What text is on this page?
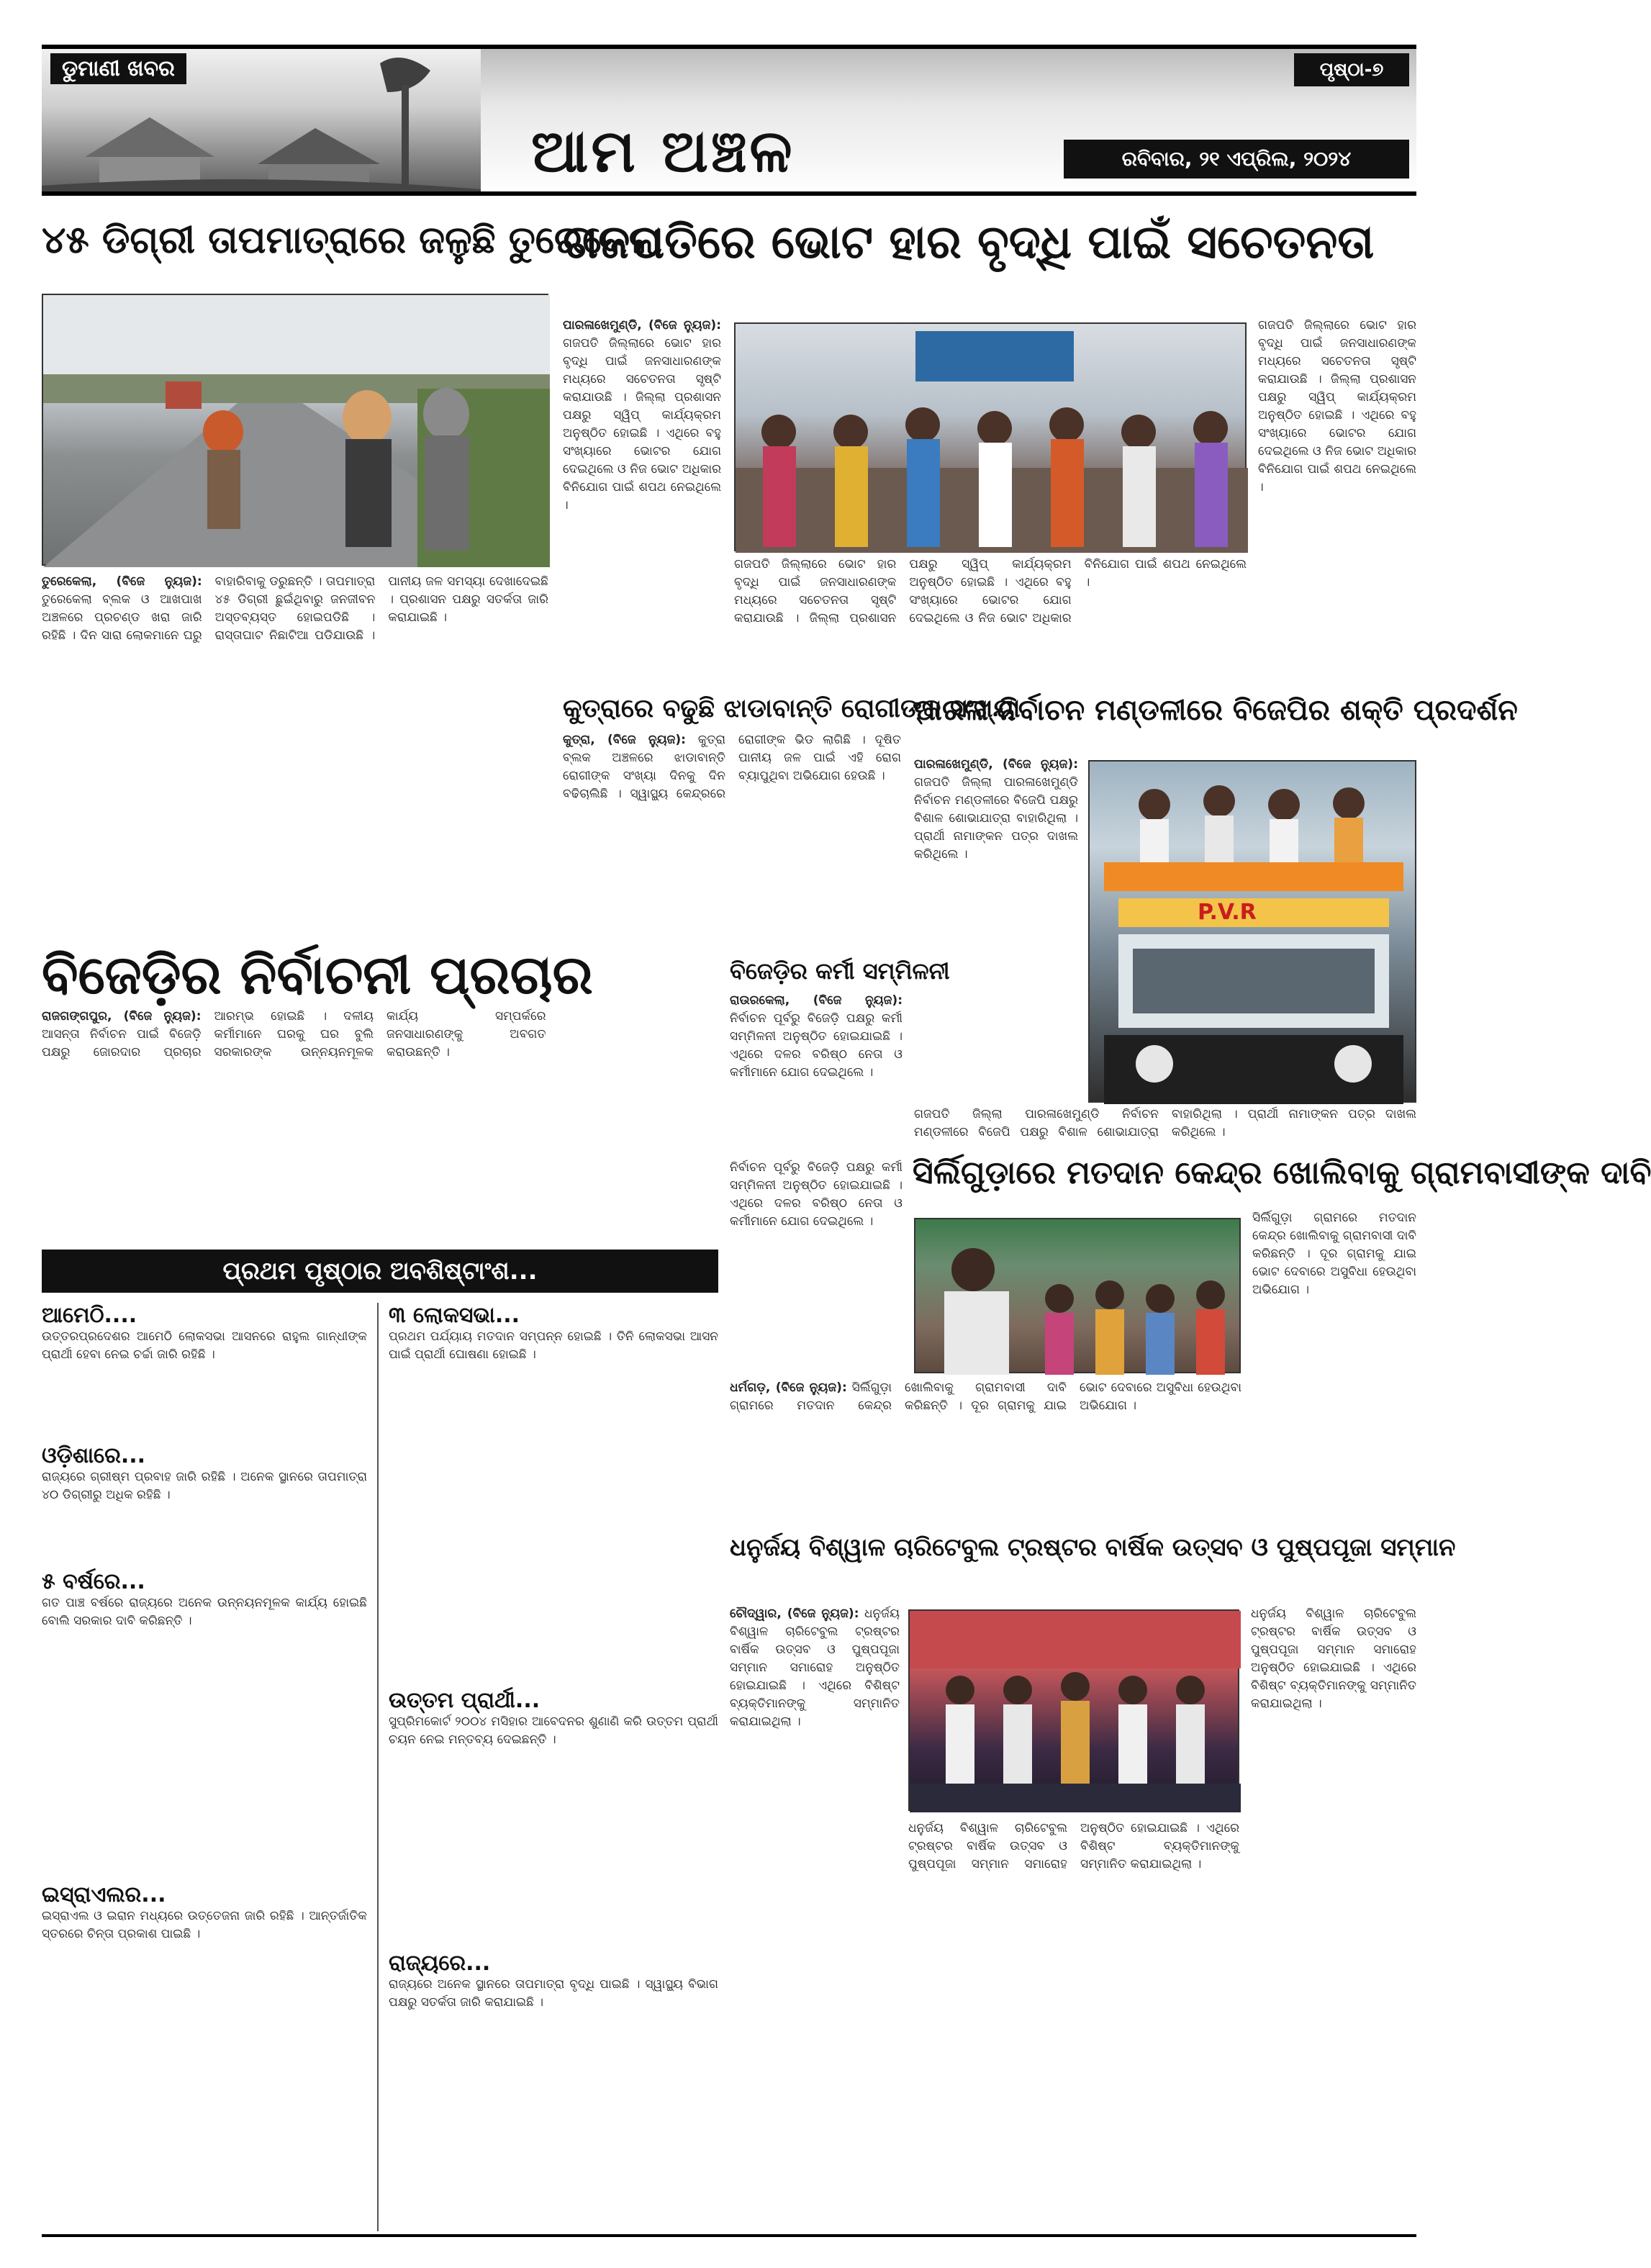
ଡୁମାଣୀ ଖବର
ଆମ ଅଞ୍ଚଳ
ପୃଷ୍ଠା-୭
ରବିବାର, ୨୧ ଏପ୍ରିଲ, ୨୦୨୪
୪୫ ଡିଗ୍ରୀ ତାପମାତ୍ରାରେ ଜଳୁଛି ତୁରେକେଲା

ତୁରେକେଲା, (ବିଜେ ନ୍ୟୁଜ): ତୁରେକେଲା ବ୍ଲକ ଓ ଆଖପାଖ ଅଞ୍ଚଳରେ ପ୍ରଚଣ୍ଡ ଖରା ଜାରି ରହିଛି । ଦିନ ସାରା ଲୋକମାନେ ଘରୁ ବାହାରିବାକୁ ଡରୁଛନ୍ତି । ତାପମାତ୍ରା ୪୫ ଡିଗ୍ରୀ ଛୁଇଁଥିବାରୁ ଜନଜୀବନ ଅସ୍ତବ୍ୟସ୍ତ ହୋଇପଡିଛି । ରାସ୍ତାଘାଟ ନିଛାଟିଆ ପଡିଯାଉଛି । ପାନୀୟ ଜଳ ସମସ୍ୟା ଦେଖାଦେଇଛି । ପ୍ରଶାସନ ପକ୍ଷରୁ ସତର୍କତା ଜାରି କରାଯାଇଛି ।

ଗଜପତିରେ ଭୋଟ ହାର ବୃଦ୍ଧି ପାଇଁ ସଚେତନତା

ପାରଳାଖେମୁଣ୍ଡି, (ବିଜେ ନ୍ୟୁଜ): ଗଜପତି ଜିଲ୍ଲାରେ ଭୋଟ ହାର ବୃଦ୍ଧି ପାଇଁ ଜନସାଧାରଣଙ୍କ ମଧ୍ୟରେ ସଚେତନତା ସୃଷ୍ଟି କରାଯାଉଛି । ଜିଲ୍ଲା ପ୍ରଶାସନ ପକ୍ଷରୁ ସ୍ୱିପ୍ କାର୍ଯ୍ୟକ୍ରମ ଅନୁଷ୍ଠିତ ହୋଇଛି । ଏଥିରେ ବହୁ ସଂଖ୍ୟାରେ ଭୋଟର ଯୋଗ ଦେଇଥିଲେ ଓ ନିଜ ଭୋଟ ଅଧିକାର ବିନିଯୋଗ ପାଇଁ ଶପଥ ନେଇଥିଲେ ।

ଗଜପତି ଜିଲ୍ଲାରେ ଭୋଟ ହାର ବୃଦ୍ଧି ପାଇଁ ଜନସାଧାରଣଙ୍କ ମଧ୍ୟରେ ସଚେତନତା ସୃଷ୍ଟି କରାଯାଉଛି । ଜିଲ୍ଲା ପ୍ରଶାସନ ପକ୍ଷରୁ ସ୍ୱିପ୍ କାର୍ଯ୍ୟକ୍ରମ ଅନୁଷ୍ଠିତ ହୋଇଛି । ଏଥିରେ ବହୁ ସଂଖ୍ୟାରେ ଭୋଟର ଯୋଗ ଦେଇଥିଲେ ଓ ନିଜ ଭୋଟ ଅଧିକାର ବିନିଯୋଗ ପାଇଁ ଶପଥ ନେଇଥିଲେ ।

ଗଜପତି ଜିଲ୍ଲାରେ ଭୋଟ ହାର ବୃଦ୍ଧି ପାଇଁ ଜନସାଧାରଣଙ୍କ ମଧ୍ୟରେ ସଚେତନତା ସୃଷ୍ଟି କରାଯାଉଛି । ଜିଲ୍ଲା ପ୍ରଶାସନ ପକ୍ଷରୁ ସ୍ୱିପ୍ କାର୍ଯ୍ୟକ୍ରମ ଅନୁଷ୍ଠିତ ହୋଇଛି । ଏଥିରେ ବହୁ ସଂଖ୍ୟାରେ ଭୋଟର ଯୋଗ ଦେଇଥିଲେ ଓ ନିଜ ଭୋଟ ଅଧିକାର ବିନିଯୋଗ ପାଇଁ ଶପଥ ନେଇଥିଲେ ।

କୁତ୍ରାରେ ବଢୁଛି ଝାଡାବାନ୍ତି ରୋଗୀଙ୍କ ସଂଖ୍ୟା

କୁତ୍ରା, (ବିଜେ ନ୍ୟୁଜ): କୁତ୍ରା ବ୍ଲକ ଅଞ୍ଚଳରେ ଝାଡାବାନ୍ତି ରୋଗୀଙ୍କ ସଂଖ୍ୟା ଦିନକୁ ଦିନ ବଢିଚାଲିଛି । ସ୍ୱାସ୍ଥ୍ୟ କେନ୍ଦ୍ରରେ ରୋଗୀଙ୍କ ଭିଡ ଲାଗିଛି । ଦୂଷିତ ପାନୀୟ ଜଳ ପାଇଁ ଏହି ରୋଗ ବ୍ୟାପୁଥିବା ଅଭିଯୋଗ ହେଉଛି ।

ପାରଳା ନିର୍ବାଚନ ମଣ୍ଡଳୀରେ ବିଜେପିର ଶକ୍ତି ପ୍ରଦର୍ଶନ

ପାରଳାଖେମୁଣ୍ଡି, (ବିଜେ ନ୍ୟୁଜ): ଗଜପତି ଜିଲ୍ଲା ପାରଳାଖେମୁଣ୍ଡି ନିର୍ବାଚନ ମଣ୍ଡଳୀରେ ବିଜେପି ପକ୍ଷରୁ ବିଶାଳ ଶୋଭାଯାତ୍ରା ବାହାରିଥିଲା । ପ୍ରାର୍ଥୀ ନାମାଙ୍କନ ପତ୍ର ଦାଖଲ କରିଥିଲେ ।

P.V.R

ଗଜପତି ଜିଲ୍ଲା ପାରଳାଖେମୁଣ୍ଡି ନିର୍ବାଚନ ମଣ୍ଡଳୀରେ ବିଜେପି ପକ୍ଷରୁ ବିଶାଳ ଶୋଭାଯାତ୍ରା ବାହାରିଥିଲା । ପ୍ରାର୍ଥୀ ନାମାଙ୍କନ ପତ୍ର ଦାଖଲ କରିଥିଲେ ।

ବିଜେଡ଼ିର ନିର୍ବାଚନୀ ପ୍ରଚାର

ରାଜଗଙ୍ଗପୁର, (ବିଜେ ନ୍ୟୁଜ): ଆସନ୍ତା ନିର୍ବାଚନ ପାଇଁ ବିଜେଡ଼ି ପକ୍ଷରୁ ଜୋରଦାର ପ୍ରଚାର ଆରମ୍ଭ ହୋଇଛି । ଦଳୀୟ କର୍ମୀମାନେ ଘରକୁ ଘର ବୁଲି ସରକାରଙ୍କ ଉନ୍ନୟନମୂଳକ କାର୍ଯ୍ୟ ସମ୍ପର୍କରେ ଜନସାଧାରଣଙ୍କୁ ଅବଗତ କରାଉଛନ୍ତି ।

ବିଜେଡ଼ିର କର୍ମୀ ସମ୍ମିଳନୀ

ରାଉରକେଲା, (ବିଜେ ନ୍ୟୁଜ): ନିର୍ବାଚନ ପୂର୍ବରୁ ବିଜେଡ଼ି ପକ୍ଷରୁ କର୍ମୀ ସମ୍ମିଳନୀ ଅନୁଷ୍ଠିତ ହୋଇଯାଇଛି । ଏଥିରେ ଦଳର ବରିଷ୍ଠ ନେତା ଓ କର୍ମୀମାନେ ଯୋଗ ଦେଇଥିଲେ ।

ସିର୍ଲିଗୁଡ଼ାରେ ମତଦାନ କେନ୍ଦ୍ର ଖୋଲିବାକୁ ଗ୍ରାମବାସୀଙ୍କ ଦାବି

ନିର୍ବାଚନ ପୂର୍ବରୁ ବିଜେଡ଼ି ପକ୍ଷରୁ କର୍ମୀ ସମ୍ମିଳନୀ ଅନୁଷ୍ଠିତ ହୋଇଯାଇଛି । ଏଥିରେ ଦଳର ବରିଷ୍ଠ ନେତା ଓ କର୍ମୀମାନେ ଯୋଗ ଦେଇଥିଲେ ।	ସିର୍ଲିଗୁଡ଼ା ଗ୍ରାମରେ ମତଦାନ କେନ୍ଦ୍ର ଖୋଲିବାକୁ ଗ୍ରାମବାସୀ ଦାବି କରିଛନ୍ତି । ଦୂର ଗ୍ରାମକୁ ଯାଇ ଭୋଟ ଦେବାରେ ଅସୁବିଧା ହେଉଥିବା ଅଭିଯୋଗ ।

ଧର୍ମଗଡ଼, (ବିଜେ ନ୍ୟୁଜ): ସିର୍ଲିଗୁଡ଼ା ଗ୍ରାମରେ ମତଦାନ କେନ୍ଦ୍ର ଖୋଲିବାକୁ ଗ୍ରାମବାସୀ ଦାବି କରିଛନ୍ତି । ଦୂର ଗ୍ରାମକୁ ଯାଇ ଭୋଟ ଦେବାରେ ଅସୁବିଧା ହେଉଥିବା ଅଭିଯୋଗ ।

ପ୍ରଥମ ପୃଷ୍ଠାର ଅବଶିଷ୍ଟାଂଶ...
ଆମେଠି....

ଉତ୍ତରପ୍ରଦେଶର ଆମେଠି ଲୋକସଭା ଆସନରେ ରାହୁଲ ଗାନ୍ଧୀଙ୍କ ପ୍ରାର୍ଥୀ ହେବା ନେଇ ଚର୍ଚ୍ଚା ଜାରି ରହିଛି ।

ଓଡ଼ିଶାରେ...

ରାଜ୍ୟରେ ଗ୍ରୀଷ୍ମ ପ୍ରବାହ ଜାରି ରହିଛି । ଅନେକ ସ୍ଥାନରେ ତାପମାତ୍ରା ୪୦ ଡିଗ୍ରୀରୁ ଅଧିକ ରହିଛି ।

୫ ବର୍ଷରେ...

ଗତ ପାଞ୍ଚ ବର୍ଷରେ ରାଜ୍ୟରେ ଅନେକ ଉନ୍ନୟନମୂଳକ କାର୍ଯ୍ୟ ହୋଇଛି ବୋଲି ସରକାର ଦାବି କରିଛନ୍ତି ।

ଇସ୍ରାଏଲର...

ଇସ୍ରାଏଲ ଓ ଇରାନ ମଧ୍ୟରେ ଉତ୍ତେଜନା ଜାରି ରହିଛି । ଆନ୍ତର୍ଜାତିକ ସ୍ତରରେ ଚିନ୍ତା ପ୍ରକାଶ ପାଇଛି ।

୩ ଲୋକସଭା...

ପ୍ରଥମ ପର୍ଯ୍ୟାୟ ମତଦାନ ସମ୍ପନ୍ନ ହୋଇଛି । ତିନି ଲୋକସଭା ଆସନ ପାଇଁ ପ୍ରାର୍ଥୀ ଘୋଷଣା ହୋଇଛି ।

ଉତ୍ତମ ପ୍ରାର୍ଥୀ...

ସୁପ୍ରିମକୋର୍ଟ ୨୦୦୪ ମସିହାର ଆବେଦନର ଶୁଣାଣି କରି ଉତ୍ତମ ପ୍ରାର୍ଥୀ ଚୟନ ନେଇ ମନ୍ତବ୍ୟ ଦେଇଛନ୍ତି ।

ରାଜ୍ୟରେ...

ରାଜ୍ୟରେ ଅନେକ ସ୍ଥାନରେ ତାପମାତ୍ରା ବୃଦ୍ଧି ପାଇଛି । ସ୍ୱାସ୍ଥ୍ୟ ବିଭାଗ ପକ୍ଷରୁ ସତର୍କତା ଜାରି କରାଯାଇଛି ।

ଧନୁର୍ଜୟ ବିଶ୍ୱାଳ ଚାରିଟେବୁଲ ଟ୍ରଷ୍ଟର ବାର୍ଷିକ ଉତ୍ସବ ଓ ପୁଷ୍ପପୂଜା ସମ୍ମାନ

ଚୌଦ୍ୱାର, (ବିଜେ ନ୍ୟୁଜ): ଧନୁର୍ଜୟ ବିଶ୍ୱାଳ ଚାରିଟେବୁଲ ଟ୍ରଷ୍ଟର ବାର୍ଷିକ ଉତ୍ସବ ଓ ପୁଷ୍ପପୂଜା ସମ୍ମାନ ସମାରୋହ ଅନୁଷ୍ଠିତ ହୋଇଯାଇଛି । ଏଥିରେ ବିଶିଷ୍ଟ ବ୍ୟକ୍ତିମାନଙ୍କୁ ସମ୍ମାନିତ କରାଯାଇଥିଲା ।

ଧନୁର୍ଜୟ ବିଶ୍ୱାଳ ଚାରିଟେବୁଲ ଟ୍ରଷ୍ଟର ବାର୍ଷିକ ଉତ୍ସବ ଓ ପୁଷ୍ପପୂଜା ସମ୍ମାନ ସମାରୋହ ଅନୁଷ୍ଠିତ ହୋଇଯାଇଛି । ଏଥିରେ ବିଶିଷ୍ଟ ବ୍ୟକ୍ତିମାନଙ୍କୁ ସମ୍ମାନିତ କରାଯାଇଥିଲା ।

ଧନୁର୍ଜୟ ବିଶ୍ୱାଳ ଚାରିଟେବୁଲ ଟ୍ରଷ୍ଟର ବାର୍ଷିକ ଉତ୍ସବ ଓ ପୁଷ୍ପପୂଜା ସମ୍ମାନ ସମାରୋହ ଅନୁଷ୍ଠିତ ହୋଇଯାଇଛି । ଏଥିରେ ବିଶିଷ୍ଟ ବ୍ୟକ୍ତିମାନଙ୍କୁ ସମ୍ମାନିତ କରାଯାଇଥିଲା ।
